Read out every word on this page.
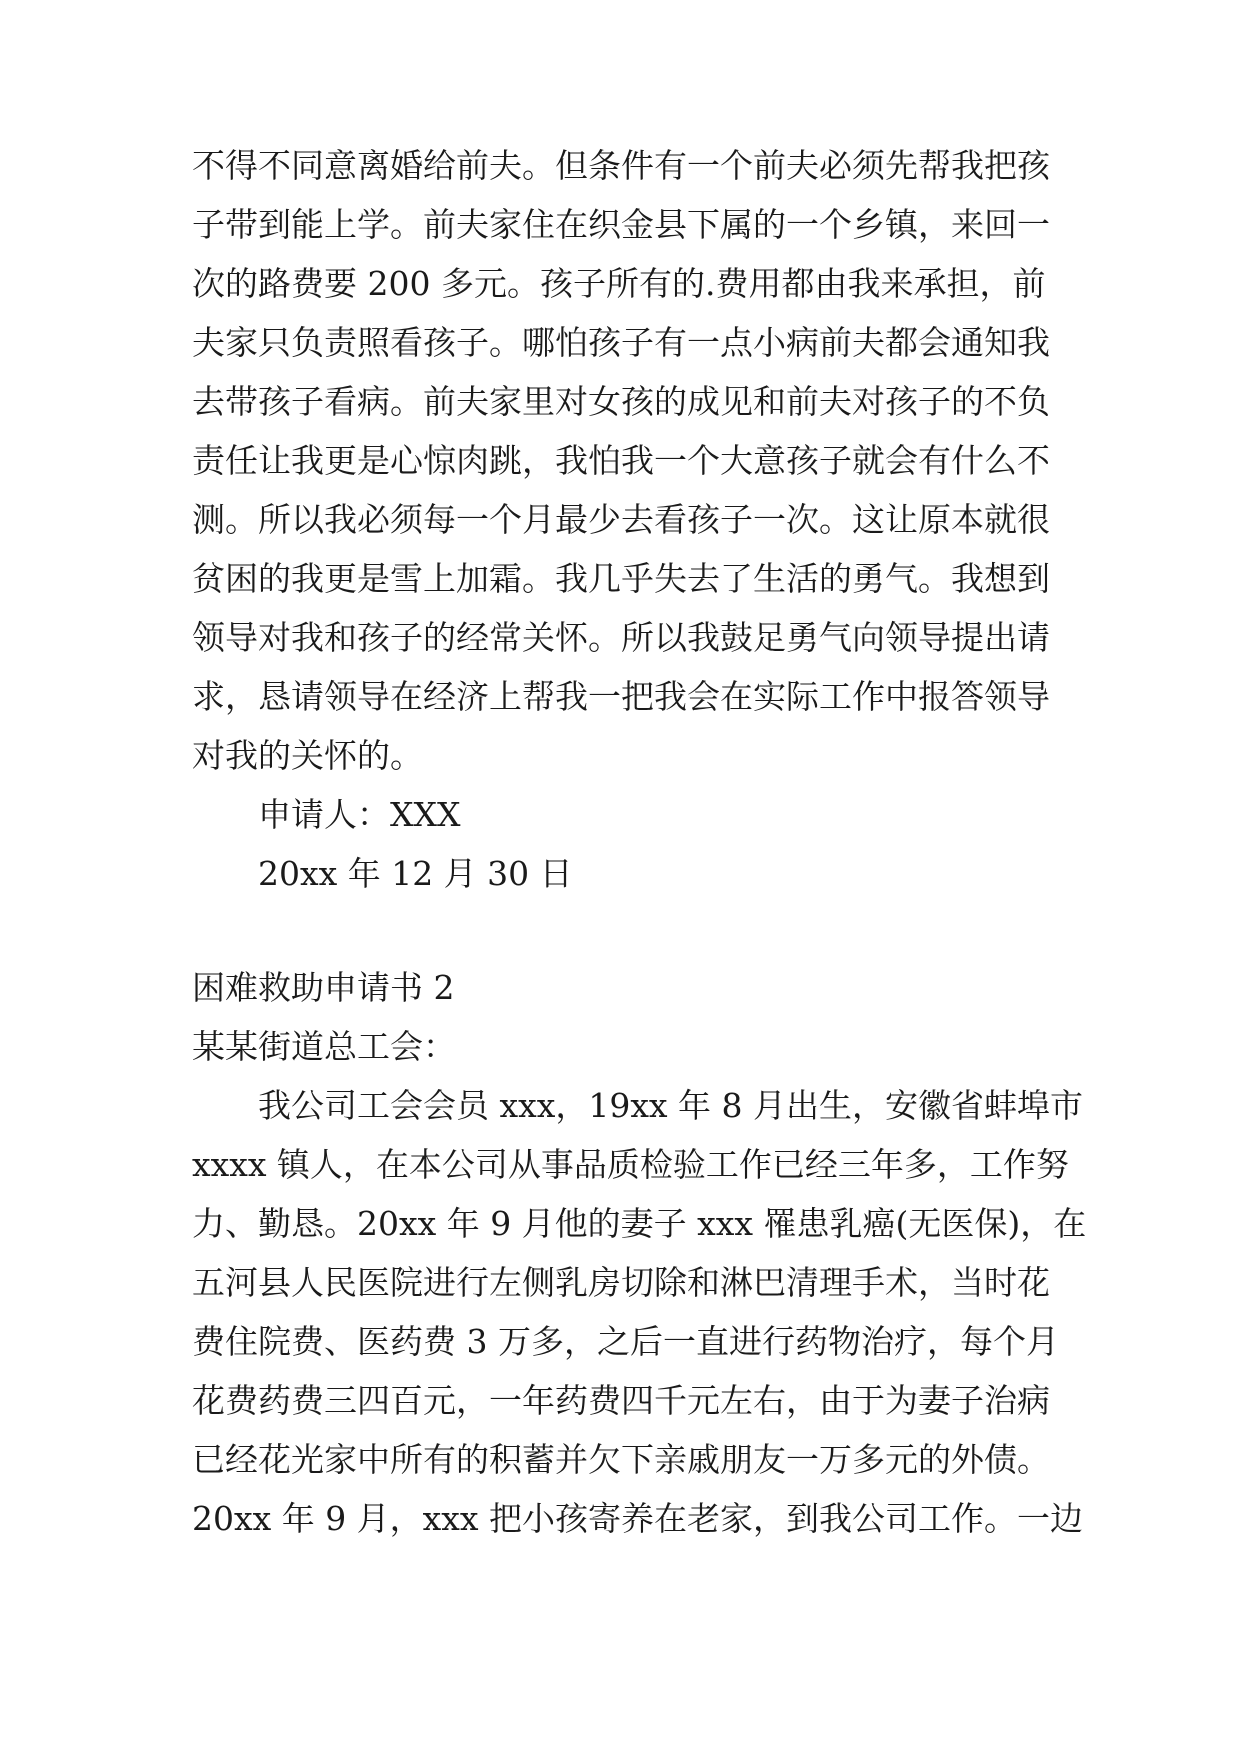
不得不同意离婚给前夫。但条件有一个前夫必须先帮我把孩
子带到能上学。前夫家住在织金县下属的一个乡镇，来回一
次的路费要 200 多元。孩子所有的.费用都由我来承担，前
夫家只负责照看孩子。哪怕孩子有一点小病前夫都会通知我
去带孩子看病。前夫家里对女孩的成见和前夫对孩子的不负
责任让我更是心惊肉跳，我怕我一个大意孩子就会有什么不
测。所以我必须每一个月最少去看孩子一次。这让原本就很
贫困的我更是雪上加霜。我几乎失去了生活的勇气。我想到
领导对我和孩子的经常关怀。所以我鼓足勇气向领导提出请
求，恳请领导在经济上帮我一把我会在实际工作中报答领导
对我的关怀的。
申请人：XXX
20xx 年 12 月 30 日
困难救助申请书 2
某某街道总工会：
我公司工会会员 xxx，19xx 年 8 月出生，安徽省蚌埠市
xxxx 镇人，在本公司从事品质检验工作已经三年多，工作努
力、勤恳。20xx 年 9 月他的妻子 xxx 罹患乳癌(无医保)，在
五河县人民医院进行左侧乳房切除和淋巴清理手术，当时花
费住院费、医药费 3 万多，之后一直进行药物治疗，每个月
花费药费三四百元，一年药费四千元左右，由于为妻子治病
已经花光家中所有的积蓄并欠下亲戚朋友一万多元的外债。
20xx 年 9 月，xxx 把小孩寄养在老家，到我公司工作。一边
